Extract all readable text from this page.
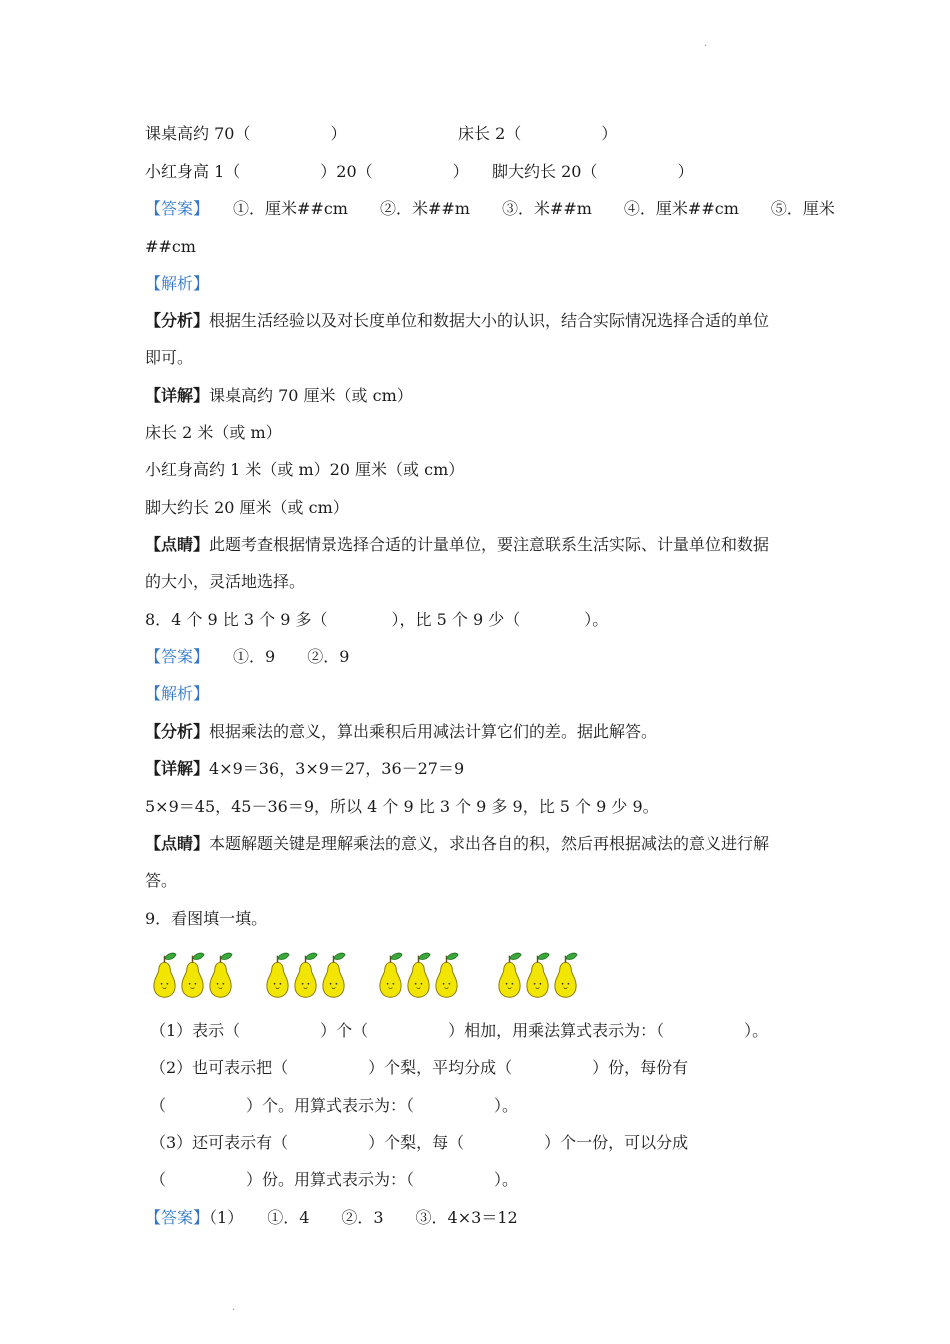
.
.
课桌高约 70（　　　　　）	床长 2（　　　　　）
小红身高 1（　　　　　）20（　　　　　） 脚大约长 20（　　　　　）
【答案】　　①．厘米##cm　　②．米##m　　③．米##m　　④．厘米##cm　　⑤．厘米
##cm
【解析】
【分析】根据生活经验以及对长度单位和数据大小的认识，结合实际情况选择合适的单位
即可。
【详解】课桌高约 70 厘米（或 cm）
床长 2 米（或 m）
小红身高约 1 米（或 m）20 厘米（或 cm）
脚大约长 20 厘米（或 cm）
【点睛】此题考查根据情景选择合适的计量单位，要注意联系生活实际、计量单位和数据
的大小，灵活地选择。
8．4 个 9 比 3 个 9 多（　　　　），比 5 个 9 少（　　　　）。
【答案】　　①．9　　②．9
【解析】
【分析】根据乘法的意义，算出乘积后用减法计算它们的差。据此解答。
【详解】4×9＝36，3×9＝27，36－27＝9
5×9＝45，45－36＝9，所以 4 个 9 比 3 个 9 多 9，比 5 个 9 少 9。
【点睛】本题解题关键是理解乘法的意义，求出各自的积，然后再根据减法的意义进行解
答。
9．看图填一填。
（1）表示（　　　　　）个（　　　　　）相加，用乘法算式表示为：（　　　　　）。
（2）也可表示把（　　　　　）个梨，平均分成（　　　　　）份，每份有
（　　　　　）个。用算式表示为：（　　　　　）。
（3）还可表示有（　　　　　）个梨，每（　　　　　）个一份，可以分成
（　　　　　）份。用算式表示为：（　　　　　）。
【答案】（1）　　①．4　　②．3　　③．4×3＝12
